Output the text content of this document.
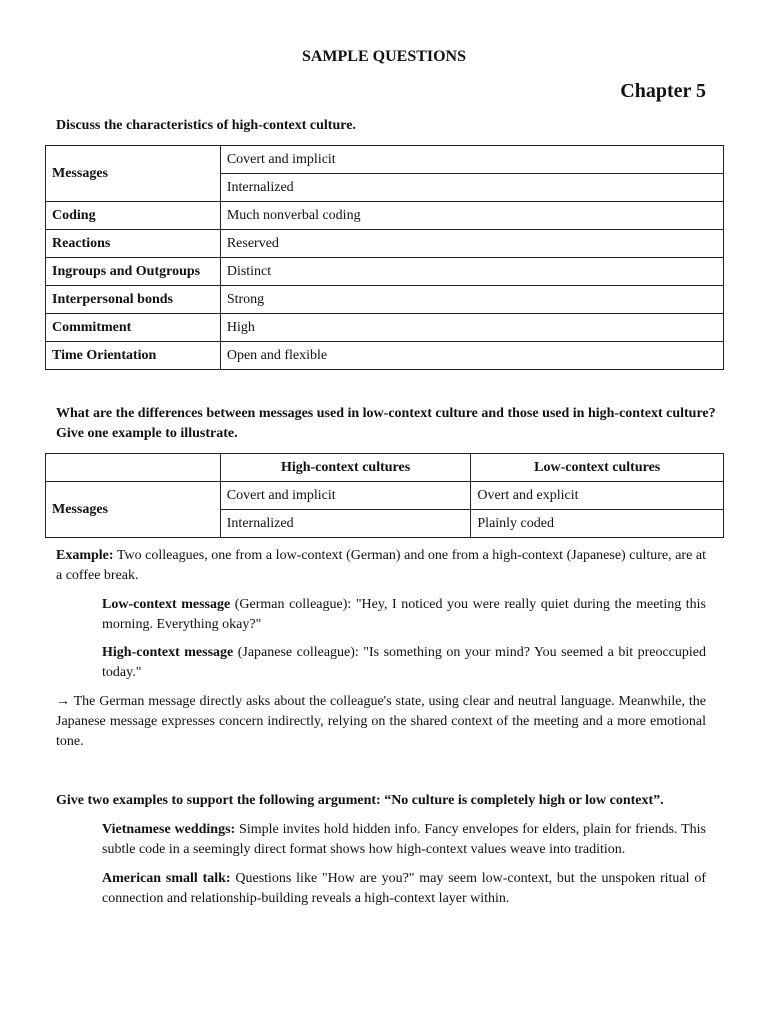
SAMPLE QUESTIONS
Chapter 5
Discuss the characteristics of high-context culture.
Messages	Covert and implicit
	Internalized
Coding	Much nonverbal coding
Reactions	Reserved
Ingroups and Outgroups	Distinct
Interpersonal bonds	Strong
Commitment	High
Time Orientation	Open and flexible
What are the differences between messages used in low-context culture and those used in high-context culture? Give one example to illustrate.
	High-context cultures	Low-context cultures
Messages	Covert and implicit	Overt and explicit
	Internalized	Plainly coded
Example: Two colleagues, one from a low-context (German) and one from a high-context (Japanese) culture, are at a coffee break.
Low-context message (German colleague): "Hey, I noticed you were really quiet during the meeting this morning. Everything okay?"
High-context message (Japanese colleague): "Is something on your mind? You seemed a bit preoccupied today."
→ The German message directly asks about the colleague's state, using clear and neutral language. Meanwhile, the Japanese message expresses concern indirectly, relying on the shared context of the meeting and a more emotional tone.
Give two examples to support the following argument: “No culture is completely high or low context”.
Vietnamese weddings: Simple invites hold hidden info. Fancy envelopes for elders, plain for friends. This subtle code in a seemingly direct format shows how high-context values weave into tradition.
American small talk: Questions like "How are you?" may seem low-context, but the unspoken ritual of connection and relationship-building reveals a high-context layer within.
